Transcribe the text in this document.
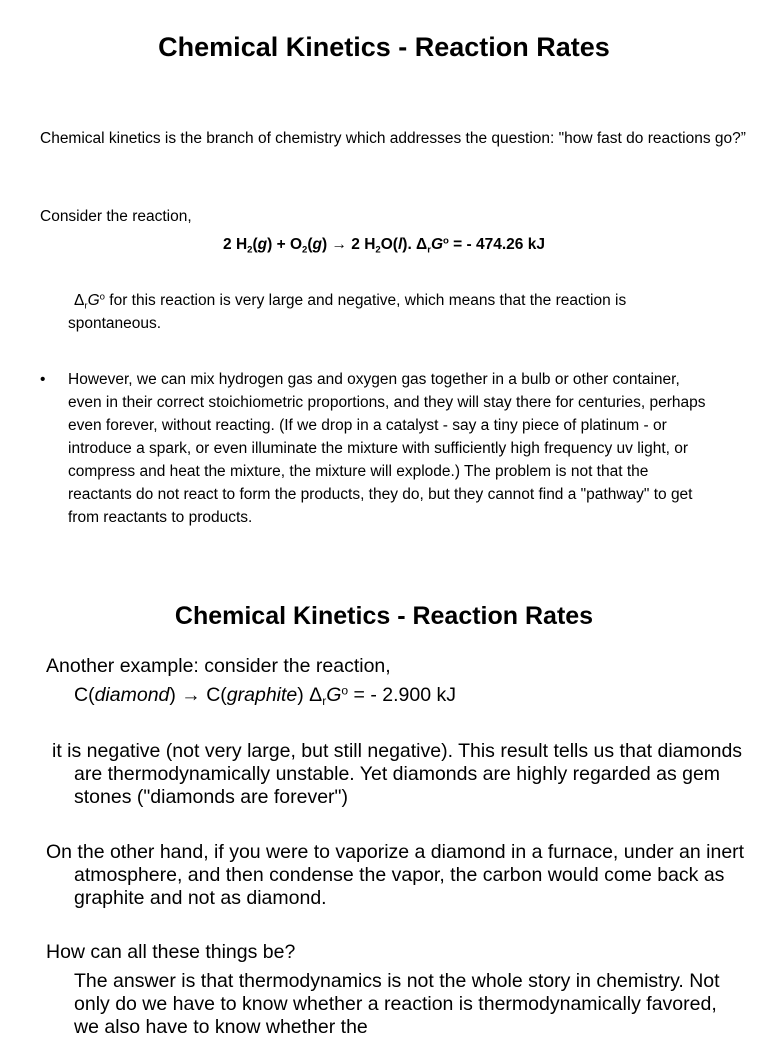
Chemical Kinetics - Reaction Rates

Chemical kinetics is the branch of chemistry which addresses the question: "how fast do reactions go?”

Consider the reaction,

2 $H_2(g) + O_2(g) \to 2$ $H_2O(l)$. $\Delta_rG^o$ = - 474.26 kJ

$\Delta_rG^o$ for this reaction is very large and negative, which means that the reaction is spontaneous.

• However, we can mix hydrogen gas and oxygen gas together in a bulb or other container, even in their correct stoichiometric proportions, and they will stay there for centuries, perhaps even forever, without reacting. (If we drop in a catalyst - say a tiny piece of platinum - or introduce a spark, or even illuminate the mixture with sufficiently high frequency uv light, or compress and heat the mixture, the mixture will explode.) The problem is not that the reactants do not react to form the products, they do, but they cannot find a "pathway" to get from reactants to products.
Chemical Kinetics - Reaction Rates

Another example: consider the reaction,

C(diamond) → C(graphite) $\Delta_rG^o$ = - 2.900 kJ

it is negative (not very large, but still negative). This result tells us that diamonds are thermodynamically unstable. Yet diamonds are highly regarded as gem stones ("diamonds are forever")

On the other hand, if you were to vaporize a diamond in a furnace, under an inert atmosphere, and then condense the vapor, the carbon would come back as graphite and not as diamond.

How can all these things be?

The answer is that thermodynamics is not the whole story in chemistry. Not only do we have to know whether a reaction is thermodynamically favored, we also have to know whether the
